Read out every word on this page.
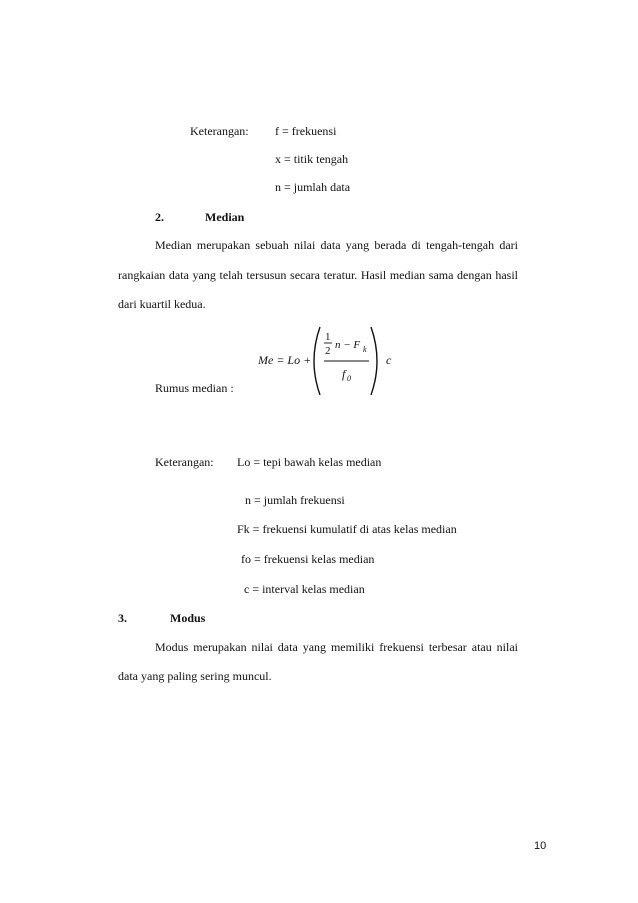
Keterangan: f = frekuensi
x = titik tengah
n = jumlah data
2.	Median
Median merupakan sebuah nilai data yang berada di tengah-tengah dari
rangkaian data yang telah tersusun secara teratur. Hasil median sama dengan hasil
dari kuartil kedua.
Me = Lo +
1
2 n − F k
f 0
c
Rumus median :
Keterangan: Lo = tepi bawah kelas median
n = jumlah frekuensi
Fk = frekuensi kumulatif di atas kelas median
fo = frekuensi kelas median
c = interval kelas median
3.	Modus
Modus merupakan nilai data yang memiliki frekuensi terbesar atau nilai
data yang paling sering muncul.
10
